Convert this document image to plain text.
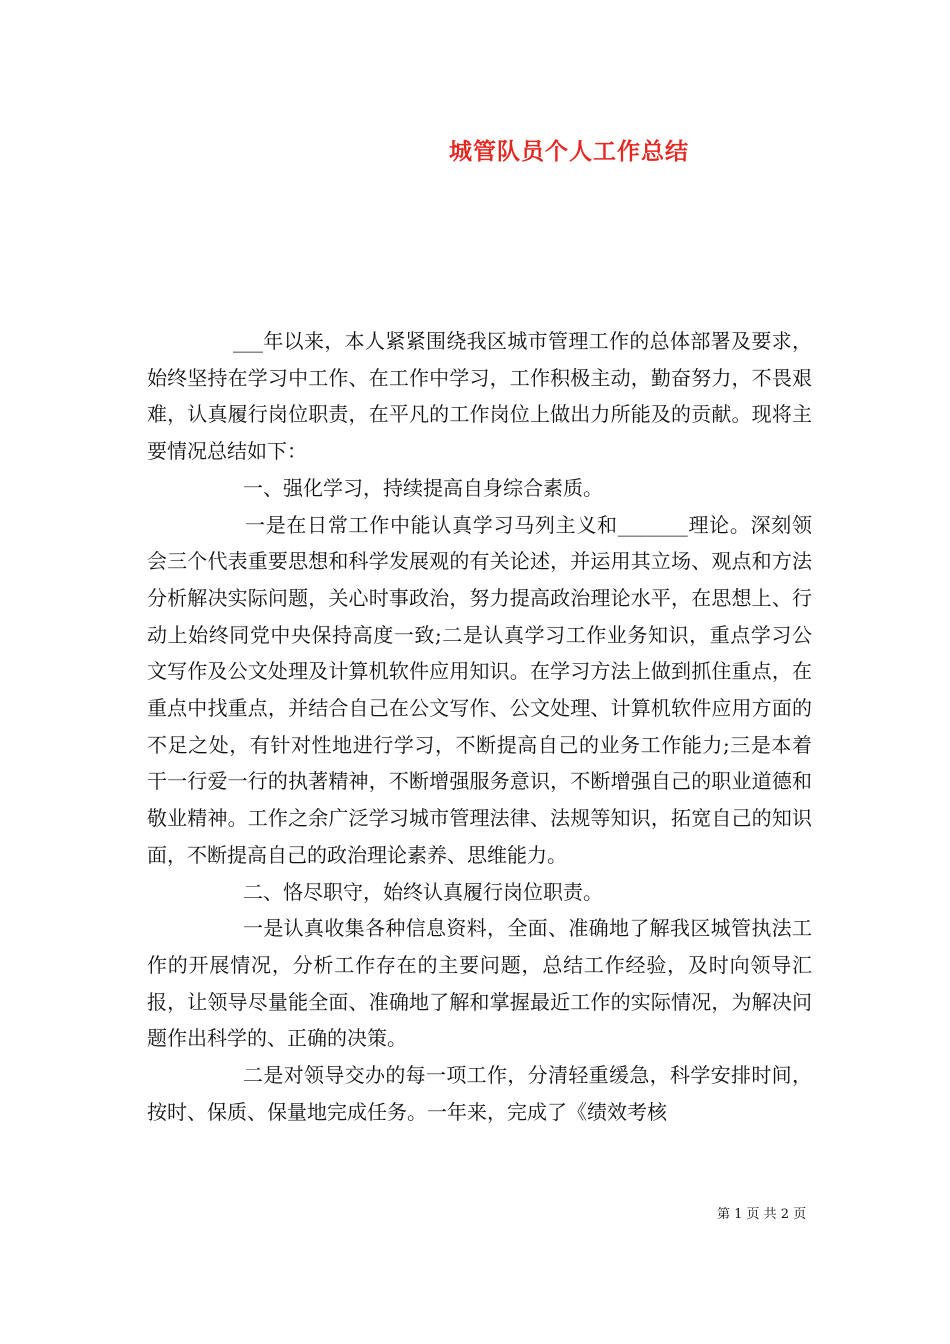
城管队员个人工作总结

___年以来，本人紧紧围绕我区城市管理工作的总体部署及要求，始终坚持在学习中工作、在工作中学习，工作积极主动，勤奋努力，不畏艰难，认真履行岗位职责，在平凡的工作岗位上做出力所能及的贡献。现将主要情况总结如下：

一、强化学习，持续提高自身综合素质。

一是在日常工作中能认真学习马列主义和_______理论。深刻领会三个代表重要思想和科学发展观的有关论述，并运用其立场、观点和方法分析解决实际问题，关心时事政治，努力提高政治理论水平，在思想上、行动上始终同党中央保持高度一致;二是认真学习工作业务知识，重点学习公文写作及公文处理及计算机软件应用知识。在学习方法上做到抓住重点，在重点中找重点，并结合自己在公文写作、公文处理、计算机软件应用方面的不足之处，有针对性地进行学习，不断提高自己的业务工作能力;三是本着干一行爱一行的执著精神，不断增强服务意识，不断增强自己的职业道德和敬业精神。工作之余广泛学习城市管理法律、法规等知识，拓宽自己的知识面，不断提高自己的政治理论素养、思维能力。

二、恪尽职守，始终认真履行岗位职责。

一是认真收集各种信息资料，全面、准确地了解我区城管执法工作的开展情况，分析工作存在的主要问题，总结工作经验，及时向领导汇报，让领导尽量能全面、准确地了解和掌握最近工作的实际情况，为解决问题作出科学的、正确的决策。

二是对领导交办的每一项工作，分清轻重缓急，科学安排时间，按时、保质、保量地完成任务。一年来，完成了《绩效考核

第 1 页 共 2 页
